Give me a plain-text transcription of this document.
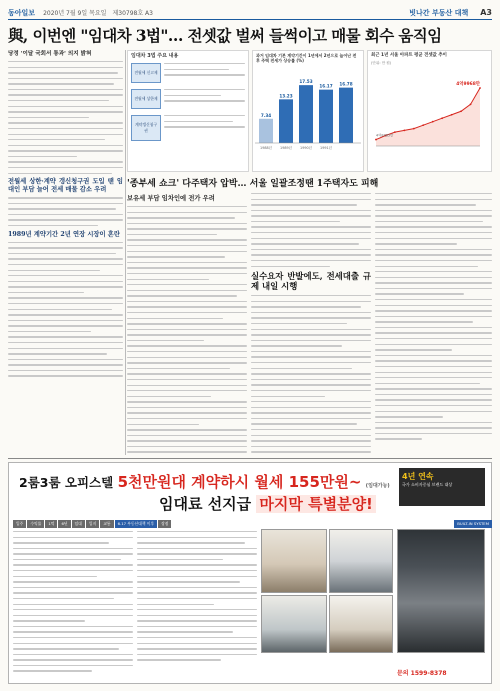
동아일보 2020년 7월 9일 목요일 제30798호 A3	빗나간 부동산 대책 A3
與, 이번엔 "임대차 3법"… 전셋값 벌써 들썩이고 매물 회수 움직임
당정 '이달 국회서 통과' 의지 밝혀
전월세 상한·계약 갱신청구권 도입 땐 임대인 부담 늘어 전세 매물 감소 우려
1989년 계약기간 2년 연장 시장이 혼란
임대차 3법 주요 내용
전월세 신고제
전월세 상한제
계약갱신청구권
과거 임대차 기본 계약기간이 1년에서 2년으로 늘어난 전후 주택 전세가 상승률 (%)
7.34
1988년
13.23
1989년
17.53
1990년
16.17
1991년
16.78
최근 1년 서울 아파트 평균 전셋값 추이
(단위: 만 원)
4억8485만
4억9968만
'종부세 쇼크' 다주택자 압박… 서울 일괄조정땐 1주택자도 피해
보유세 부담 임차인에 전가 우려
실수요자 반발에도, 전세대출 규제 내일 시행
2룸3룸 오피스텔 5천만원대 계약하시 월세 155만원~ (임대가능)
임대료 선지급 마지막 특별분양!
4년 연속
국가 소비자중심 브랜드 대상
입주	수익률	1억	6년	임대	입지	교통	6.17 부동산대책 이후	장점	BUILT-IN SYSTEM
문의 1599-8378
